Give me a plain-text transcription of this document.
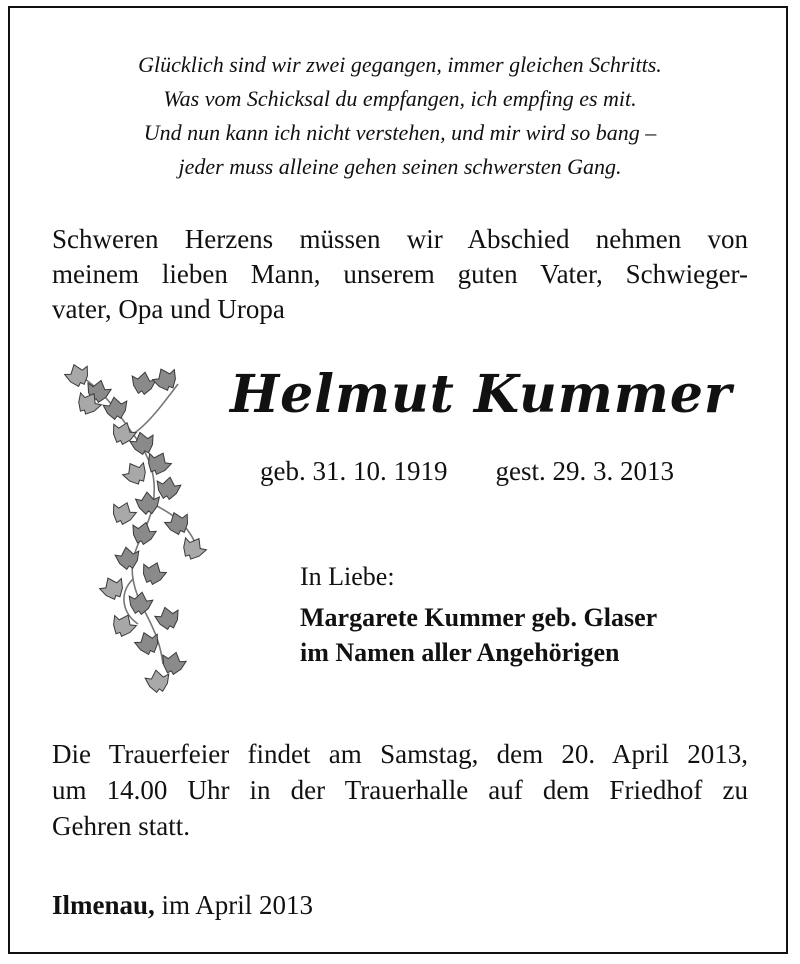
Glücklich sind wir zwei gegangen, immer gleichen Schritts.
Was vom Schicksal du empfangen, ich empfing es mit.
Und nun kann ich nicht verstehen, und mir wird so bang –
jeder muss alleine gehen seinen schwersten Gang.
Schweren Herzens müssen wir Abschied nehmen von
meinem lieben Mann, unserem guten Vater, Schwieger-
vater, Opa und Uropa
Helmut Kummer
geb. 31. 10. 1919 gest. 29. 3. 2013
In Liebe:
Margarete Kummer geb. Glaser
im Namen aller Angehörigen
Die Trauerfeier findet am Samstag, dem 20. April 2013,
um 14.00 Uhr in der Trauerhalle auf dem Friedhof zu
Gehren statt.
Ilmenau, im April 2013
